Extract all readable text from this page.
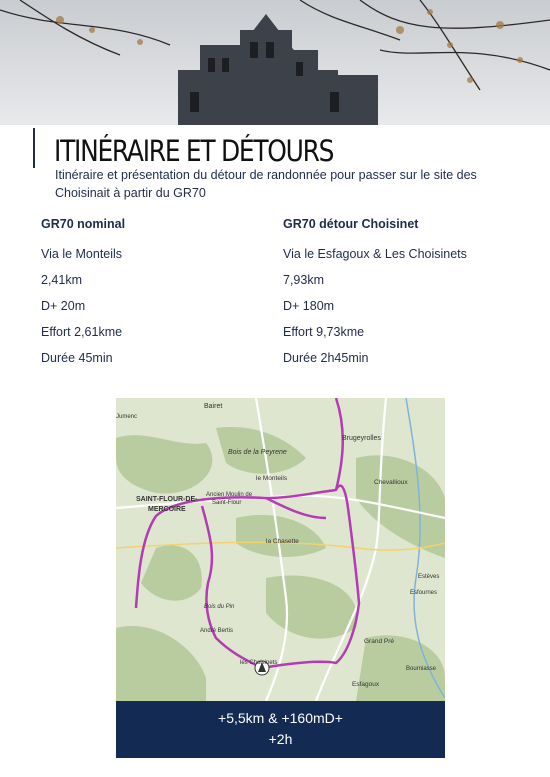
ITINÉRAIRE ET DÉTOURS

Itinéraire et présentation du détour de randonnée pour passer sur le site des Choisinait à partir du GR70

GR70 nominal

Via le Monteils

2,41km

D+ 20m

Effort 2,61kme

Durée 45min

GR70 détour Choisinet

Via le Esfagoux & Les Choisinets

7,93km

D+ 180m

Effort 9,73kme

Durée 2h45min

Bairet
Jumenc
Brugeyrolles
Bois de la Peyrene
le Monteils
Chevallioux
SAINT-FLOUR-DE-
MERCOIRE
Ancien Moulin de
Saint-Flour
la Chasette
Bois du Pin
André Bertis
Grand Pré
les Choisinets
Esfagoux
Bourniasse
Estèves
Esfournes
+5,5km & +160mD+
+2h
